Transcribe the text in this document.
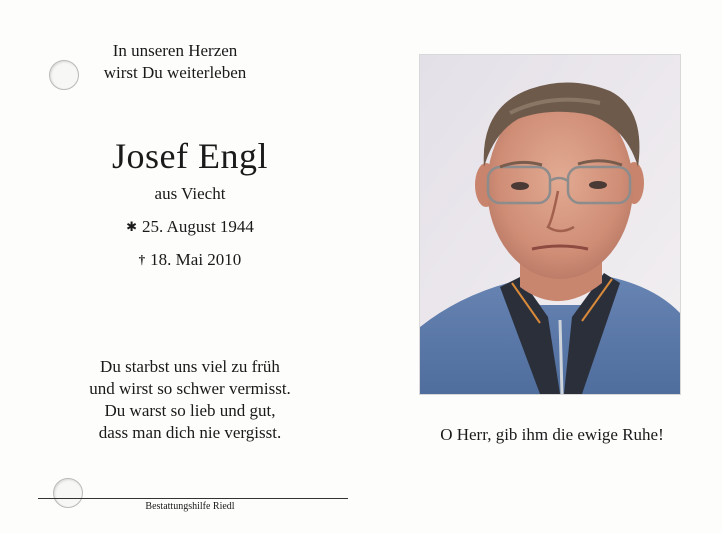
In unseren Herzen
wirst Du weiterleben
Josef Engl
aus Viecht
✱ 25. August 1944
† 18. Mai 2010
Du starbst uns viel zu früh
und wirst so schwer vermisst.
Du warst so lieb und gut,
dass man dich nie vergisst.	O Herr, gib ihm die ewige Ruhe!
Bestattungshilfe Riedl
